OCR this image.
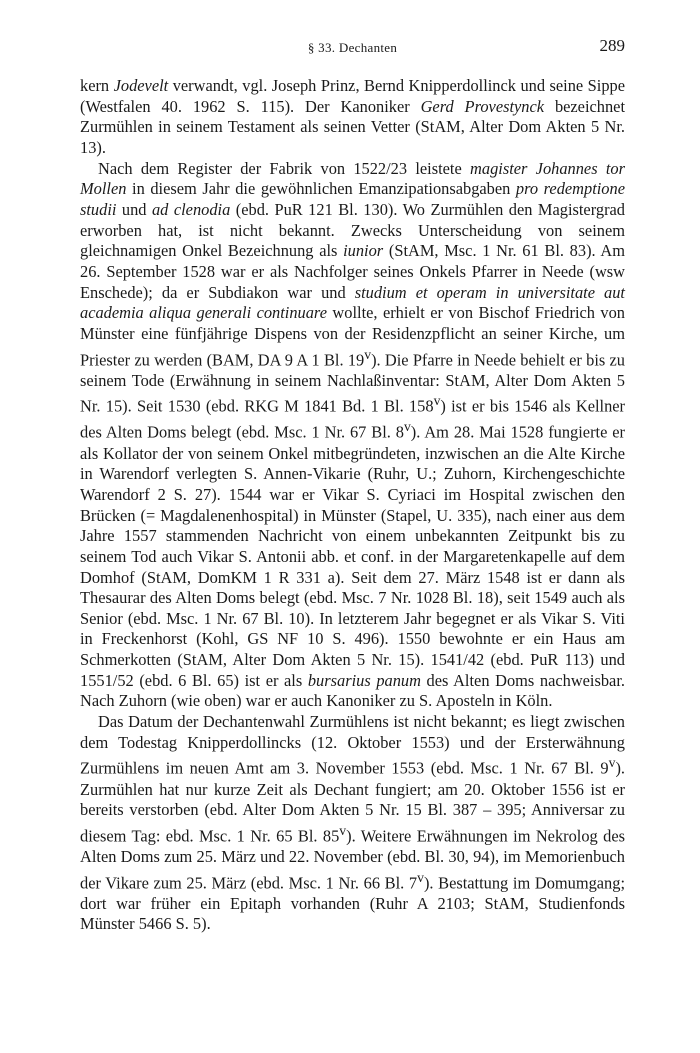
§ 33. Dechanten	289

kern Jodevelt verwandt, vgl. Joseph Prinz, Bernd Knipperdollinck und seine Sippe (Westfalen 40. 1962 S. 115). Der Kanoniker Gerd Provestynck bezeichnet Zurmühlen in seinem Testament als seinen Vetter (StAM, Alter Dom Akten 5 Nr. 13).

Nach dem Register der Fabrik von 1522/23 leistete magister Johannes tor Mollen in diesem Jahr die gewöhnlichen Emanzipationsabgaben pro redemptione studii und ad clenodia (ebd. PuR 121 Bl. 130). Wo Zurmühlen den Magistergrad erworben hat, ist nicht bekannt. Zwecks Unterscheidung von seinem gleichnamigen Onkel Bezeichnung als iunior (StAM, Msc. 1 Nr. 61 Bl. 83). Am 26. September 1528 war er als Nachfolger seines Onkels Pfarrer in Neede (wsw Enschede); da er Subdiakon war und studium et operam in universitate aut academia aliqua generali continuare wollte, erhielt er von Bischof Friedrich von Münster eine fünfjährige Dispens von der Residenzpflicht an seiner Kirche, um Priester zu werden (BAM, DA 9 A 1 Bl. 19$^v$). Die Pfarre in Neede behielt er bis zu seinem Tode (Erwähnung in seinem Nachlaßinventar: StAM, Alter Dom Akten 5 Nr. 15). Seit 1530 (ebd. RKG M 1841 Bd. 1 Bl. 158$^v$) ist er bis 1546 als Kellner des Alten Doms belegt (ebd. Msc. 1 Nr. 67 Bl. 8$^v$). Am 28. Mai 1528 fungierte er als Kollator der von seinem Onkel mitbegründeten, inzwischen an die Alte Kirche in Warendorf verlegten S. Annen-Vikarie (Ruhr, U.; Zuhorn, Kirchengeschichte Warendorf 2 S. 27). 1544 war er Vikar S. Cyriaci im Hospital zwischen den Brücken (= Magdalenenhospital) in Münster (Stapel, U. 335), nach einer aus dem Jahre 1557 stammenden Nachricht von einem unbekannten Zeitpunkt bis zu seinem Tod auch Vikar S. Antonii abb. et conf. in der Margaretenkapelle auf dem Domhof (StAM, DomKM 1 R 331 a). Seit dem 27. März 1548 ist er dann als Thesaurar des Alten Doms belegt (ebd. Msc. 7 Nr. 1028 Bl. 18), seit 1549 auch als Senior (ebd. Msc. 1 Nr. 67 Bl. 10). In letzterem Jahr begegnet er als Vikar S. Viti in Freckenhorst (Kohl, GS NF 10 S. 496). 1550 bewohnte er ein Haus am Schmerkotten (StAM, Alter Dom Akten 5 Nr. 15). 1541/42 (ebd. PuR 113) und 1551/52 (ebd. 6 Bl. 65) ist er als bursarius panum des Alten Doms nachweisbar. Nach Zuhorn (wie oben) war er auch Kanoniker zu S. Aposteln in Köln.

Das Datum der Dechantenwahl Zurmühlens ist nicht bekannt; es liegt zwischen dem Todestag Knipperdollincks (12. Oktober 1553) und der Ersterwähnung Zurmühlens im neuen Amt am 3. November 1553 (ebd. Msc. 1 Nr. 67 Bl. 9$^v$). Zurmühlen hat nur kurze Zeit als Dechant fungiert; am 20. Oktober 1556 ist er bereits verstorben (ebd. Alter Dom Akten 5 Nr. 15 Bl. 387 – 395; Anniversar zu diesem Tag: ebd. Msc. 1 Nr. 65 Bl. 85$^v$). Weitere Erwähnungen im Nekrolog des Alten Doms zum 25. März und 22. November (ebd. Bl. 30, 94), im Memorienbuch der Vikare zum 25. März (ebd. Msc. 1 Nr. 66 Bl. 7$^v$). Bestattung im Domumgang; dort war früher ein Epitaph vorhanden (Ruhr A 2103; StAM, Studienfonds Münster 5466 S. 5).
